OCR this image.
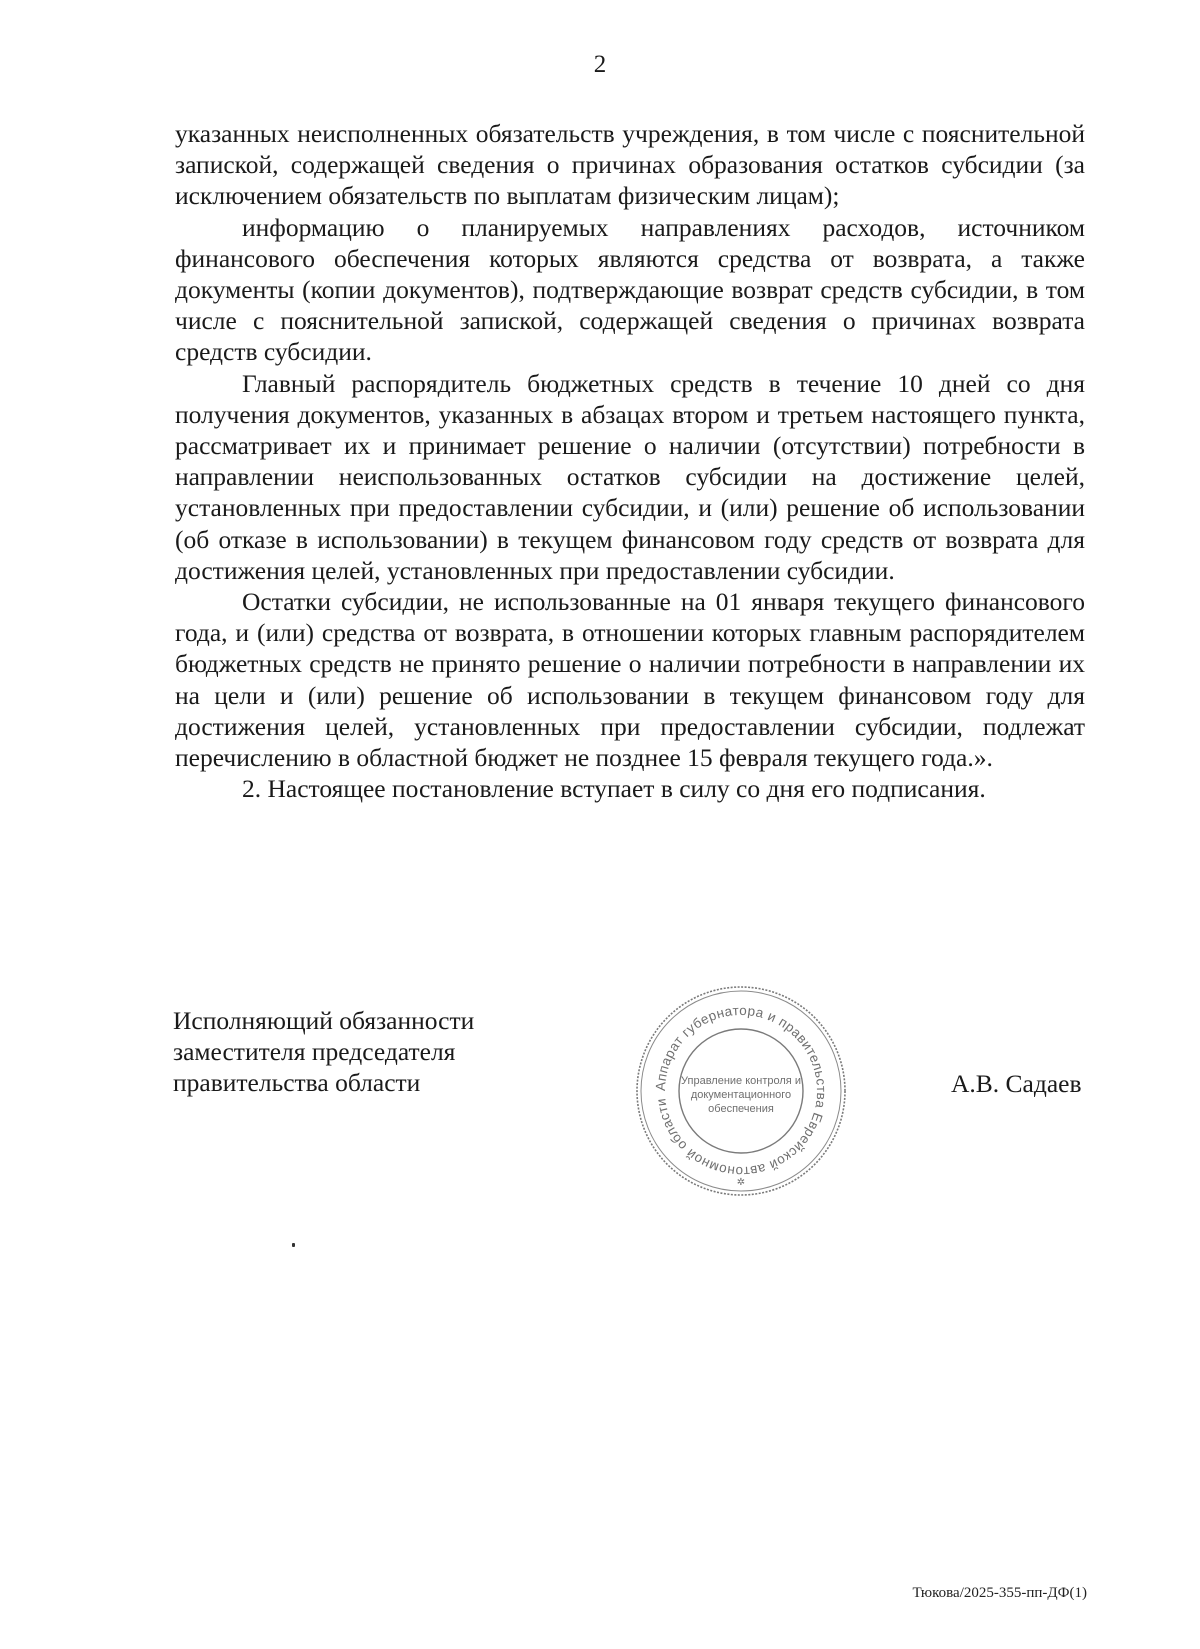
2

указанных неисполненных обязательств учреждения, в том числе с пояснительной запиской, содержащей сведения о причинах образования остатков субсидии (за исключением обязательств по выплатам физическим лицам);

информацию о планируемых направлениях расходов, источником финансового обеспечения которых являются средства от возврата, а также документы (копии документов), подтверждающие возврат средств субсидии, в том числе с пояснительной запиской, содержащей сведения о причинах возврата средств субсидии.

Главный распорядитель бюджетных средств в течение 10 дней со дня получения документов, указанных в абзацах втором и третьем настоящего пункта, рассматривает их и принимает решение о наличии (отсутствии) потребности в направлении неиспользованных остатков субсидии на достижение целей, установленных при предоставлении субсидии, и (или) решение об использовании (об отказе в использовании) в текущем финансовом году средств от возврата для достижения целей, установленных при предоставлении субсидии.

Остатки субсидии, не использованные на 01 января текущего финансового года, и (или) средства от возврата, в отношении которых главным распорядителем бюджетных средств не принято решение о наличии потребности в направлении их на цели и (или) решение об использовании в текущем финансовом году для достижения целей, установленных при предоставлении субсидии, подлежат перечислению в областной бюджет не позднее 15 февраля текущего года.».

2. Настоящее постановление вступает в силу со дня его подписания.

Исполняющий обязанности
заместителя председателя
правительства области	Аппарат губернатора и правительства Еврейской автономной области
Управление контроля и
документационного
обеспечения
✲
А.В. Садаев
Тюкова/2025-355-пп-ДФ(1)
